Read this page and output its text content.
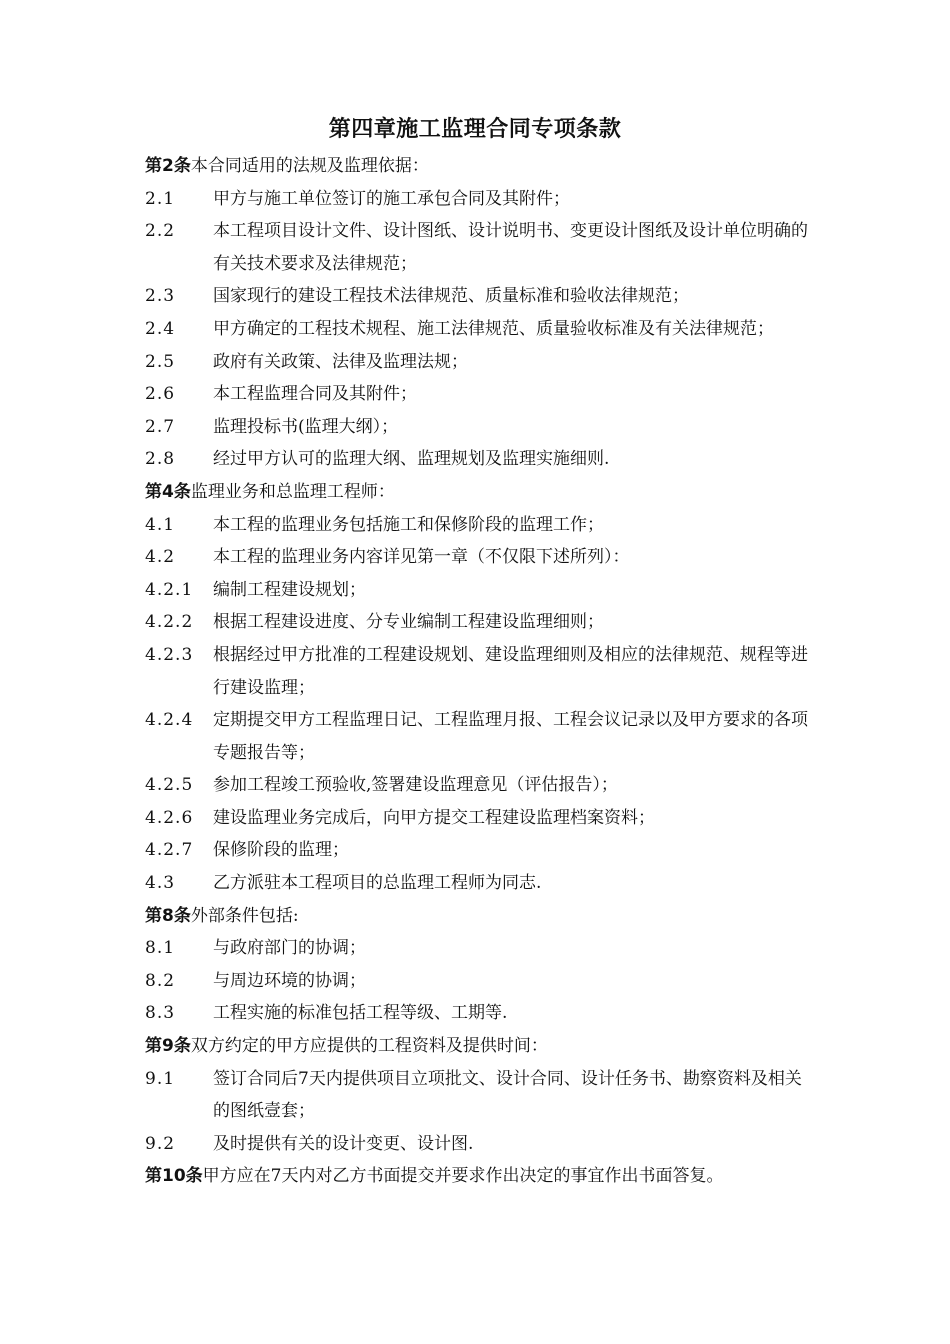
第四章施工监理合同专项条款
第2条本合同适用的法规及监理依据：
2.1	甲方与施工单位签订的施工承包合同及其附件；
2.2	本工程项目设计文件、设计图纸、设计说明书、变更设计图纸及设计单位明确的有关技术要求及法律规范；
2.3	国家现行的建设工程技术法律规范、质量标准和验收法律规范；
2.4	甲方确定的工程技术规程、施工法律规范、质量验收标准及有关法律规范；
2.5	政府有关政策、法律及监理法规；
2.6	本工程监理合同及其附件；
2.7	监理投标书(监理大纲）；
2.8	经过甲方认可的监理大纲、监理规划及监理实施细则.
第4条监理业务和总监理工程师：
4.1	本工程的监理业务包括施工和保修阶段的监理工作；
4.2	本工程的监理业务内容详见第一章（不仅限下述所列）：
4.2.1	编制工程建设规划；
4.2.2	根据工程建设进度、分专业编制工程建设监理细则；
4.2.3	根据经过甲方批准的工程建设规划、建设监理细则及相应的法律规范、规程等进行建设监理；
4.2.4	定期提交甲方工程监理日记、工程监理月报、工程会议记录以及甲方要求的各项专题报告等；
4.2.5	参加工程竣工预验收,签署建设监理意见（评估报告）；
4.2.6	建设监理业务完成后，向甲方提交工程建设监理档案资料；
4.2.7	保修阶段的监理；
4.3	乙方派驻本工程项目的总监理工程师为同志.
第8条外部条件包括:
8.1	与政府部门的协调；
8.2	与周边环境的协调；
8.3	工程实施的标准包括工程等级、工期等.
第9条双方约定的甲方应提供的工程资料及提供时间：
9.1	签订合同后7天内提供项目立项批文、设计合同、设计任务书、勘察资料及相关的图纸壹套；
9.2	及时提供有关的设计变更、设计图.
第10条甲方应在7天内对乙方书面提交并要求作出决定的事宜作出书面答复。
